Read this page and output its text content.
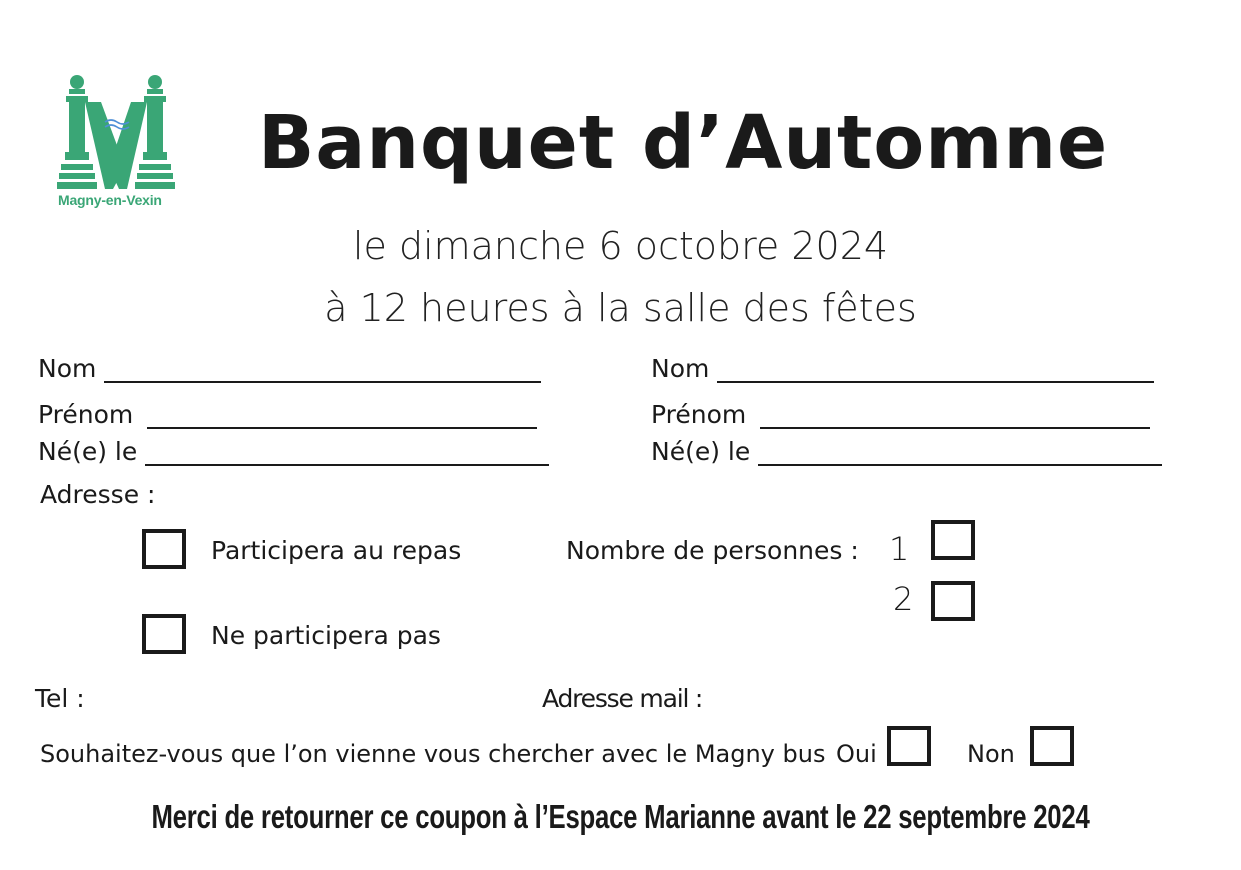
Magny-en-Vexin
Banquet d’Automne
le dimanche 6 octobre 2024
à 12 heures à la salle des fêtes
Nom
Prénom
Né(e) le
Nom
Prénom
Né(e) le
Adresse :
Participera au repas
Ne participera pas
Nombre de personnes : 1
2
Tel :	Adresse mail :
Souhaitez-vous que l’on vienne vous chercher avec le Magny bus Oui	Non
Merci de retourner ce coupon à l’Espace Marianne avant le 22 septembre 2024
